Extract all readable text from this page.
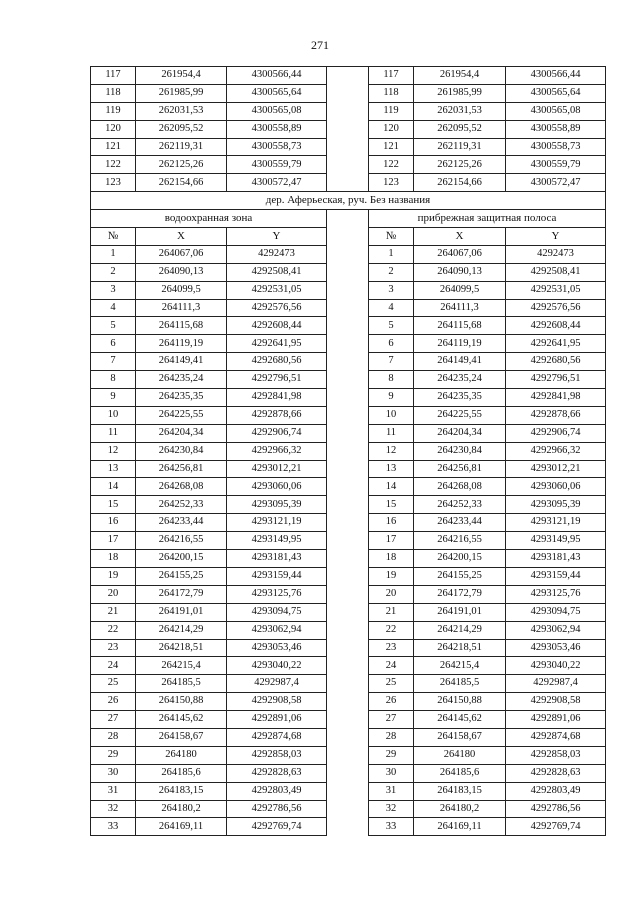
271
117	261954,4	4300566,44		117	261954,4	4300566,44
118	261985,99	4300565,64		118	261985,99	4300565,64
119	262031,53	4300565,08		119	262031,53	4300565,08
120	262095,52	4300558,89		120	262095,52	4300558,89
121	262119,31	4300558,73		121	262119,31	4300558,73
122	262125,26	4300559,79		122	262125,26	4300559,79
123	262154,66	4300572,47		123	262154,66	4300572,47
дер. Аферьеская, руч. Без названия						
водоохранная зона				прибрежная защитная полоса		
№	X	Y		№	X	Y
1	264067,06	4292473		1	264067,06	4292473
2	264090,13	4292508,41		2	264090,13	4292508,41
3	264099,5	4292531,05		3	264099,5	4292531,05
4	264111,3	4292576,56		4	264111,3	4292576,56
5	264115,68	4292608,44		5	264115,68	4292608,44
6	264119,19	4292641,95		6	264119,19	4292641,95
7	264149,41	4292680,56		7	264149,41	4292680,56
8	264235,24	4292796,51		8	264235,24	4292796,51
9	264235,35	4292841,98		9	264235,35	4292841,98
10	264225,55	4292878,66		10	264225,55	4292878,66
11	264204,34	4292906,74		11	264204,34	4292906,74
12	264230,84	4292966,32		12	264230,84	4292966,32
13	264256,81	4293012,21		13	264256,81	4293012,21
14	264268,08	4293060,06		14	264268,08	4293060,06
15	264252,33	4293095,39		15	264252,33	4293095,39
16	264233,44	4293121,19		16	264233,44	4293121,19
17	264216,55	4293149,95		17	264216,55	4293149,95
18	264200,15	4293181,43		18	264200,15	4293181,43
19	264155,25	4293159,44		19	264155,25	4293159,44
20	264172,79	4293125,76		20	264172,79	4293125,76
21	264191,01	4293094,75		21	264191,01	4293094,75
22	264214,29	4293062,94		22	264214,29	4293062,94
23	264218,51	4293053,46		23	264218,51	4293053,46
24	264215,4	4293040,22		24	264215,4	4293040,22
25	264185,5	4292987,4		25	264185,5	4292987,4
26	264150,88	4292908,58		26	264150,88	4292908,58
27	264145,62	4292891,06		27	264145,62	4292891,06
28	264158,67	4292874,68		28	264158,67	4292874,68
29	264180	4292858,03		29	264180	4292858,03
30	264185,6	4292828,63		30	264185,6	4292828,63
31	264183,15	4292803,49		31	264183,15	4292803,49
32	264180,2	4292786,56		32	264180,2	4292786,56
33	264169,11	4292769,74		33	264169,11	4292769,74
